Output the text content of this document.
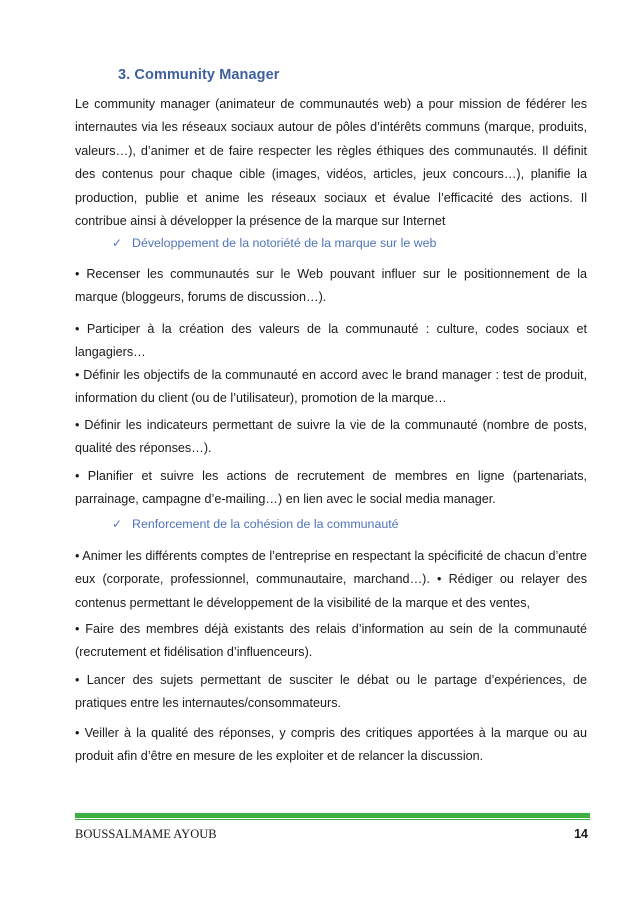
3. Community Manager
Le community manager (animateur de communautés web) a pour mission de fédérer les internautes via les réseaux sociaux autour de pôles d’intérêts communs (marque, produits, valeurs…), d’animer et de faire respecter les règles éthiques des communautés. Il définit des contenus pour chaque cible (images, vidéos, articles, jeux concours…), planifie la production, publie et anime les réseaux sociaux et évalue l’efficacité des actions. Il contribue ainsi à développer la présence de la marque sur Internet
✓ Développement de la notoriété de la marque sur le web
• Recenser les communautés sur le Web pouvant influer sur le positionnement de la marque (bloggeurs, forums de discussion…).
• Participer à la création des valeurs de la communauté : culture, codes sociaux et langagiers…
• Définir les objectifs de la communauté en accord avec le brand manager : test de produit, information du client (ou de l’utilisateur), promotion de la marque…
• Définir les indicateurs permettant de suivre la vie de la communauté (nombre de posts, qualité des réponses…).
• Planifier et suivre les actions de recrutement de membres en ligne (partenariats, parrainage, campagne d’e-mailing…) en lien avec le social media manager.
✓ Renforcement de la cohésion de la communauté
• Animer les différents comptes de l’entreprise en respectant la spécificité de chacun d’entre eux (corporate, professionnel, communautaire, marchand…). • Rédiger ou relayer des contenus permettant le développement de la visibilité de la marque et des ventes,
• Faire des membres déjà existants des relais d’information au sein de la communauté (recrutement et fidélisation d’influenceurs).
• Lancer des sujets permettant de susciter le débat ou le partage d’expériences, de pratiques entre les internautes/consommateurs.
• Veiller à la qualité des réponses, y compris des critiques apportées à la marque ou au produit afin d’être en mesure de les exploiter et de relancer la discussion.
BOUSSALMAME AYOUB	14
